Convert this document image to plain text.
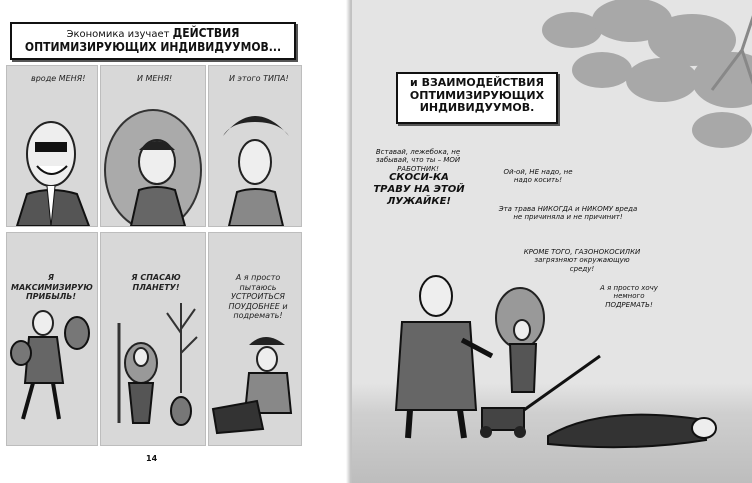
Экономика изучает ДЕЙСТВИЯ ОПТИМИЗИРУЮЩИХ ИНДИВИДУУМОВ...
вроде МЕНЯ!	И МЕНЯ!	И этого ТИПА!
Я МАКСИМИЗИРУЮ ПРИБЫЛЬ!
Я СПАСАЮ ПЛАНЕТУ!
А я просто пытаюсь УСТРОИТЬСЯ ПОУДОБНЕЕ и подремать!
14
и ВЗАИМОДЕЙСТВИЯ ОПТИМИЗИРУЮЩИХ ИНДИВИДУУМОВ.
Вставай, лежебока, не забывай, что ты – МОЙ РАБОТНИК!
СКОСИ-КА ТРАВУ НА ЭТОЙ ЛУЖАЙКЕ!
Ой-ой, НЕ надо, не надо косить!
Эта трава НИКОГДА и НИКОМУ вреда не причиняла и не причинит!
КРОМЕ ТОГО, ГАЗОНОКОСИЛКИ загрязняют окружающую среду!
А я просто хочу немного ПОДРЕМАТЬ!
